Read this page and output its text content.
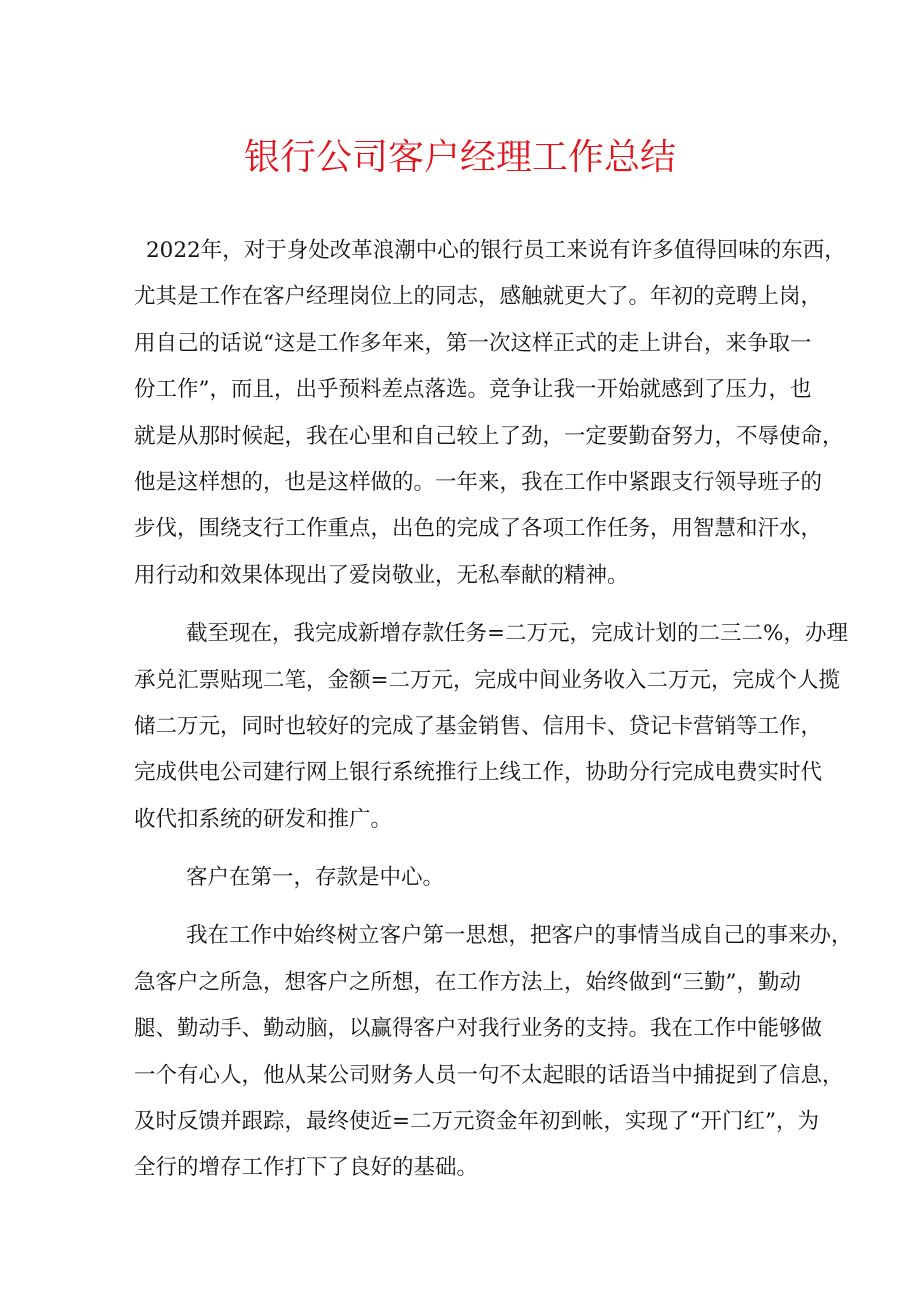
银行公司客户经理工作总结
2022年，对于身处改革浪潮中心的银行员工来说有许多值得回味的东西，
尤其是工作在客户经理岗位上的同志，感触就更大了。年初的竞聘上岗，
用自己的话说“这是工作多年来，第一次这样正式的走上讲台，来争取一
份工作”，而且，出乎预料差点落选。竞争让我一开始就感到了压力，也
就是从那时候起，我在心里和自己较上了劲，一定要勤奋努力，不辱使命，
他是这样想的，也是这样做的。一年来，我在工作中紧跟支行领导班子的
步伐，围绕支行工作重点，出色的完成了各项工作任务，用智慧和汗水，
用行动和效果体现出了爱岗敬业，无私奉献的精神。
截至现在，我完成新增存款任务=二万元，完成计划的二三二%，办理
承兑汇票贴现二笔，金额=二万元，完成中间业务收入二万元，完成个人揽
储二万元，同时也较好的完成了基金销售、信用卡、贷记卡营销等工作，
完成供电公司建行网上银行系统推行上线工作，协助分行完成电费实时代
收代扣系统的研发和推广。
客户在第一，存款是中心。
我在工作中始终树立客户第一思想，把客户的事情当成自己的事来办，
急客户之所急，想客户之所想，在工作方法上，始终做到“三勤”，勤动
腿、勤动手、勤动脑，以赢得客户对我行业务的支持。我在工作中能够做
一个有心人，他从某公司财务人员一句不太起眼的话语当中捕捉到了信息，
及时反馈并跟踪，最终使近=二万元资金年初到帐，实现了“开门红”，为
全行的增存工作打下了良好的基础。
